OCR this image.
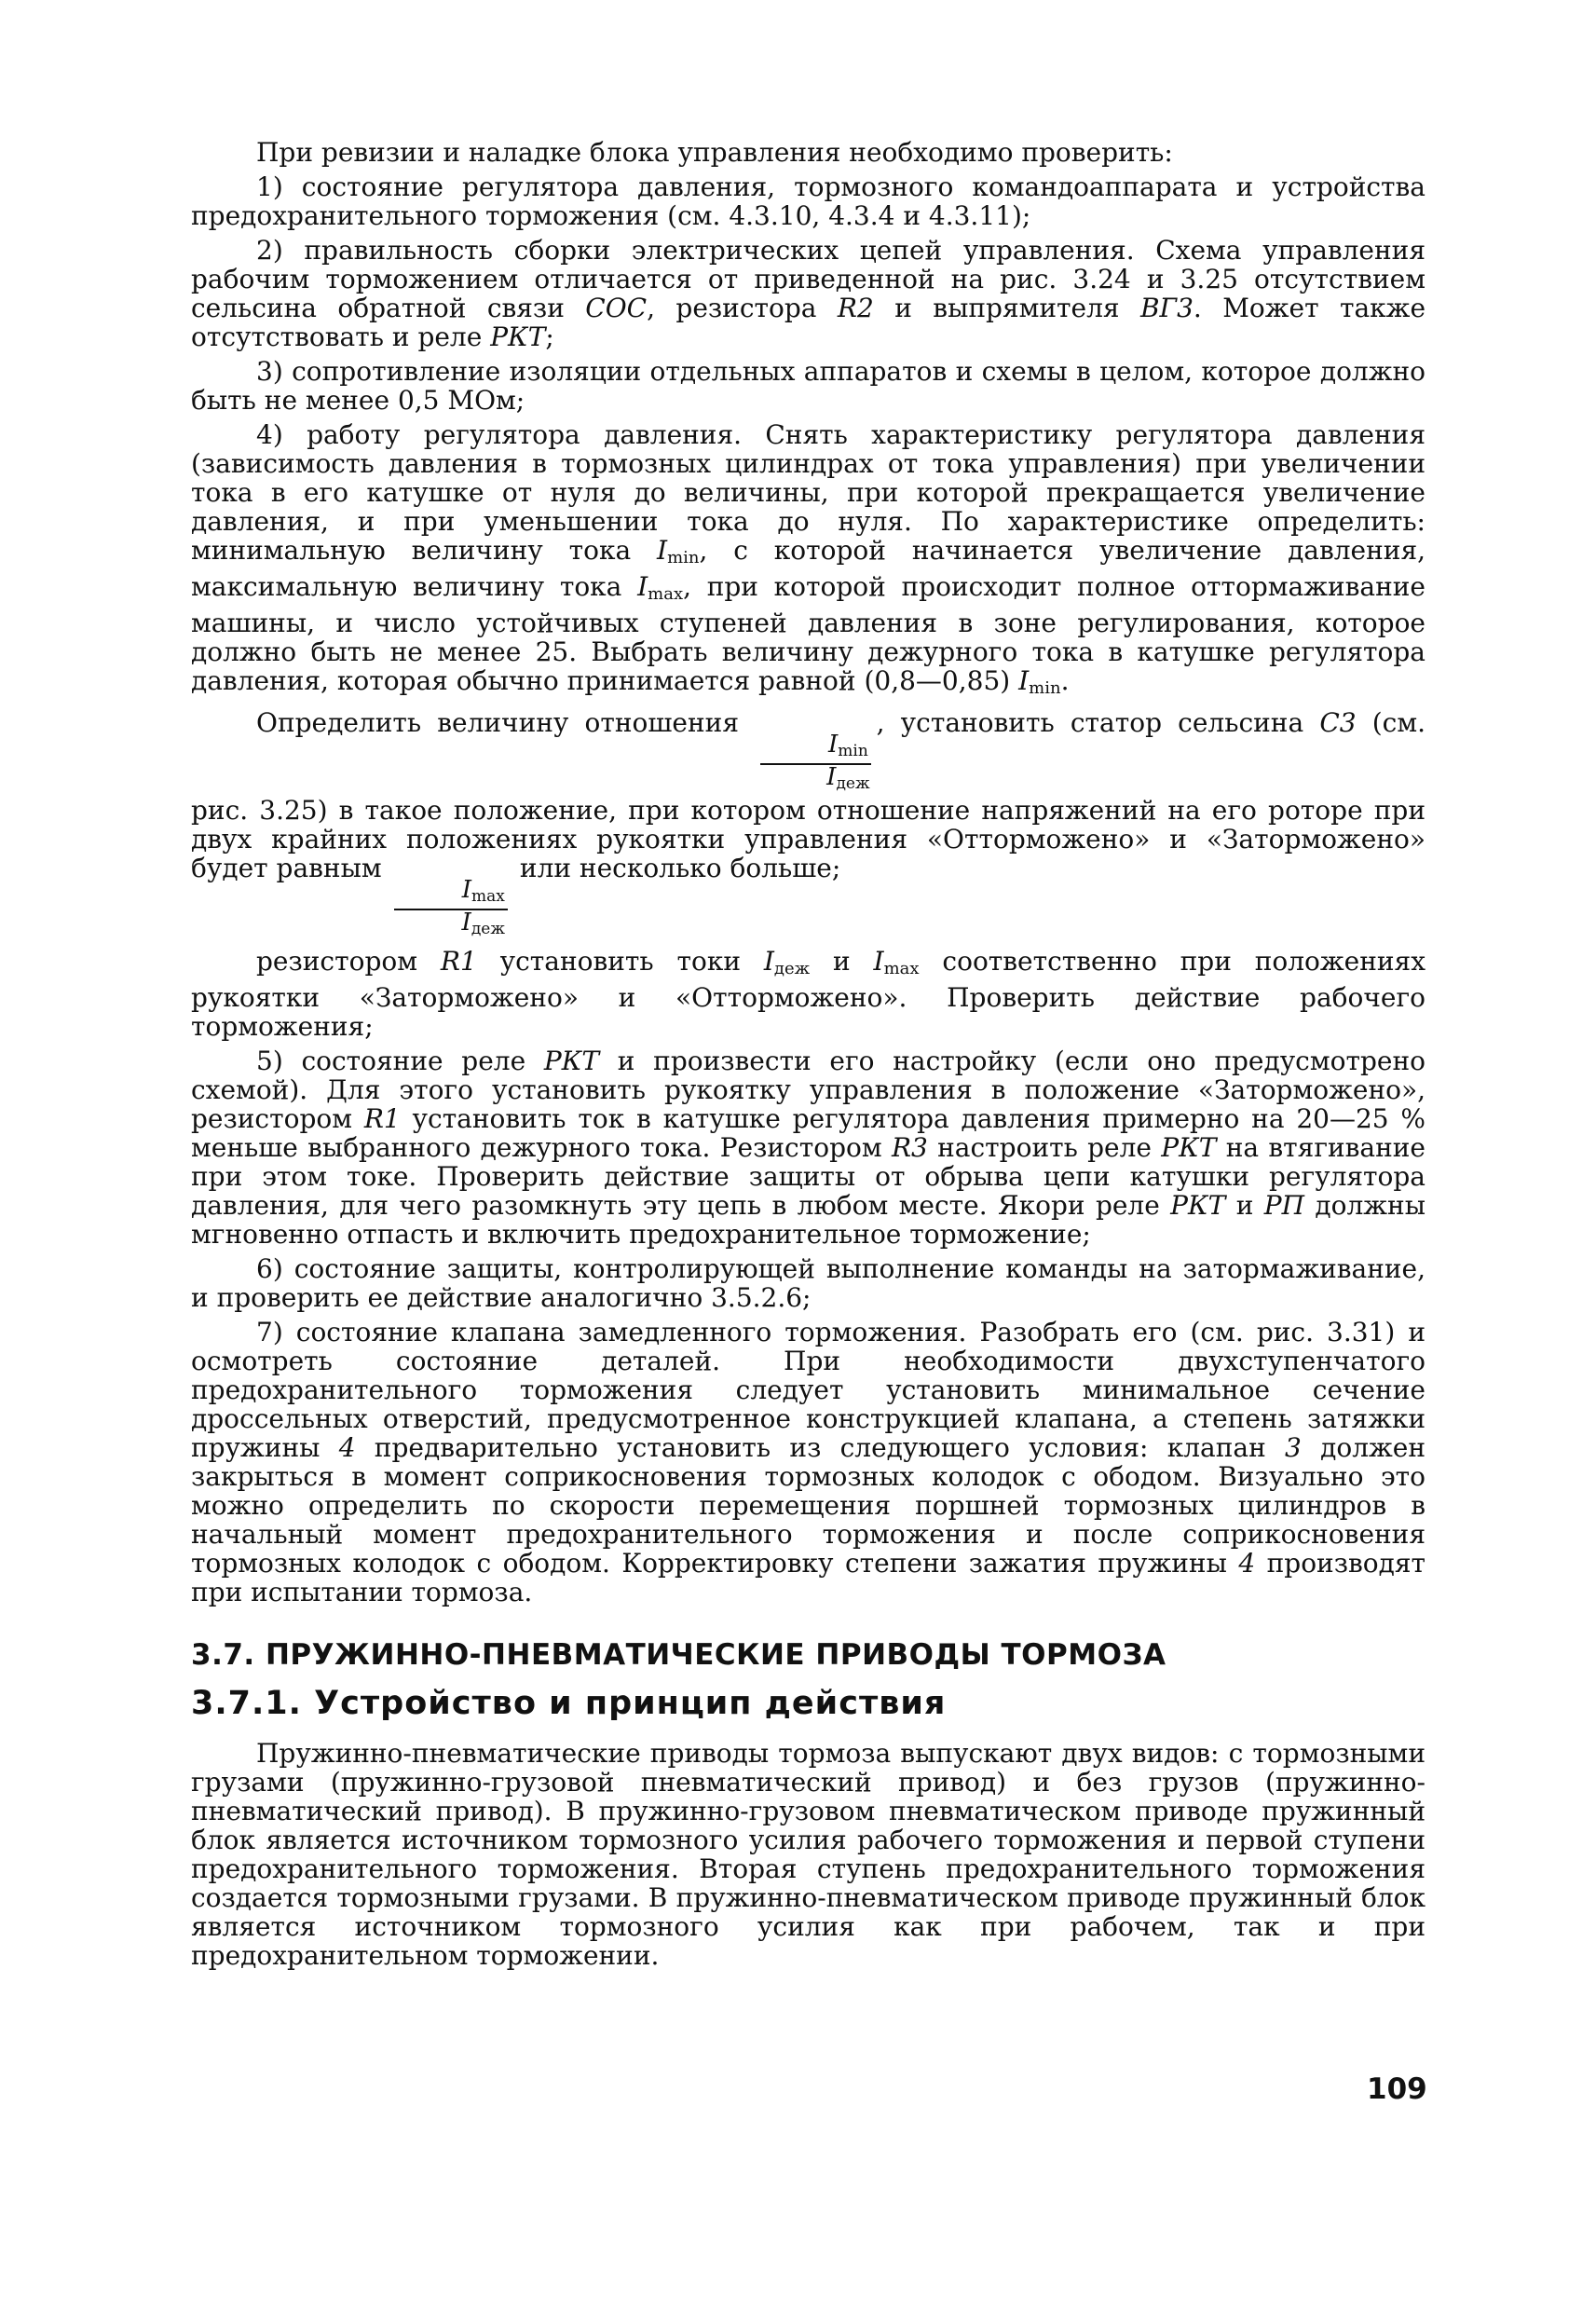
При ревизии и наладке блока управления необходимо проверить:

1) состояние регулятора давления, тормозного командоаппарата и устройства предохранительного торможения (см. 4.3.10, 4.3.4 и 4.3.11);

2) правильность сборки электрических цепей управления. Схема управления рабочим торможением отличается от приведенной на рис. 3.24 и 3.25 отсутствием сельсина обратной связи СОС, резистора R2 и выпрямителя ВГ3. Может также отсутствовать и реле РКТ;

3) сопротивление изоляции отдельных аппаратов и схемы в целом, которое должно быть не менее 0,5 МОм;

4) работу регулятора давления. Снять характеристику регулятора давления (зависимость давления в тормозных цилиндрах от тока управления) при увеличении тока в его катушке от нуля до величины, при которой прекращается увеличение давления, и при уменьшении тока до нуля. По характеристике определить: минимальную величину тока $I_{min}$, с которой начинается увеличение давления, максимальную величину тока $I_{max}$, при которой происходит полное оттормаживание машины, и число устойчивых ступеней давления в зоне регулирования, которое должно быть не менее 25. Выбрать величину дежурного тока в катушке регулятора давления, которая обычно принимается равной (0,8—0,85) $I_{min}$.

Определить величину отношения
$\frac{I_{min}}{I_{деж}}$
, установить статор сельсина С3 (см. рис. 3.25) в такое положение, при котором отношение напряжений на его роторе при двух крайних положениях рукоятки управления «Отторможено» и «Заторможено» будет равным
$\frac{I_{max}}{I_{деж}}$
или несколько больше;

резистором R1 установить токи $I_{деж}$ и $I_{max}$ соответственно при положениях рукоятки «Заторможено» и «Отторможено». Проверить действие рабочего торможения;

5) состояние реле РКТ и произвести его настройку (если оно предусмотрено схемой). Для этого установить рукоятку управления в положение «Заторможено», резистором R1 установить ток в катушке регулятора давления примерно на 20—25 % меньше выбранного дежурного тока. Резистором R3 настроить реле РКТ на втягивание при этом токе. Проверить действие защиты от обрыва цепи катушки регулятора давления, для чего разомкнуть эту цепь в любом месте. Якори реле РКТ и РП должны мгновенно отпасть и включить предохранительное торможение;

6) состояние защиты, контролирующей выполнение команды на затормаживание, и проверить ее действие аналогично 3.5.2.6;

7) состояние клапана замедленного торможения. Разобрать его (см. рис. 3.31) и осмотреть состояние деталей. При необходимости двухступенчатого предохранительного торможения следует установить минимальное сечение дроссельных отверстий, предусмотренное конструкцией клапана, а степень затяжки пружины 4 предварительно установить из следующего условия: клапан 3 должен закрыться в момент соприкосновения тормозных колодок с ободом. Визуально это можно определить по скорости перемещения поршней тормозных цилиндров в начальный момент предохранительного торможения и после соприкосновения тормозных колодок с ободом. Корректировку степени зажатия пружины 4 производят при испытании тормоза.

3.7. ПРУЖИННО-ПНЕВМАТИЧЕСКИЕ ПРИВОДЫ ТОРМОЗА
3.7.1. Устройство и принцип действия

Пружинно-пневматические приводы тормоза выпускают двух видов: с тормозными грузами (пружинно-грузовой пневматический привод) и без грузов (пружинно-пневматический привод). В пружинно-грузовом пневматическом приводе пружинный блок является источником тормозного усилия рабочего торможения и первой ступени предохранительного торможения. Вторая ступень предохранительного торможения создается тормозными грузами. В пружинно-пневматическом приводе пружинный блок является источником тормозного усилия как при рабочем, так и при предохранительном торможении.

109
